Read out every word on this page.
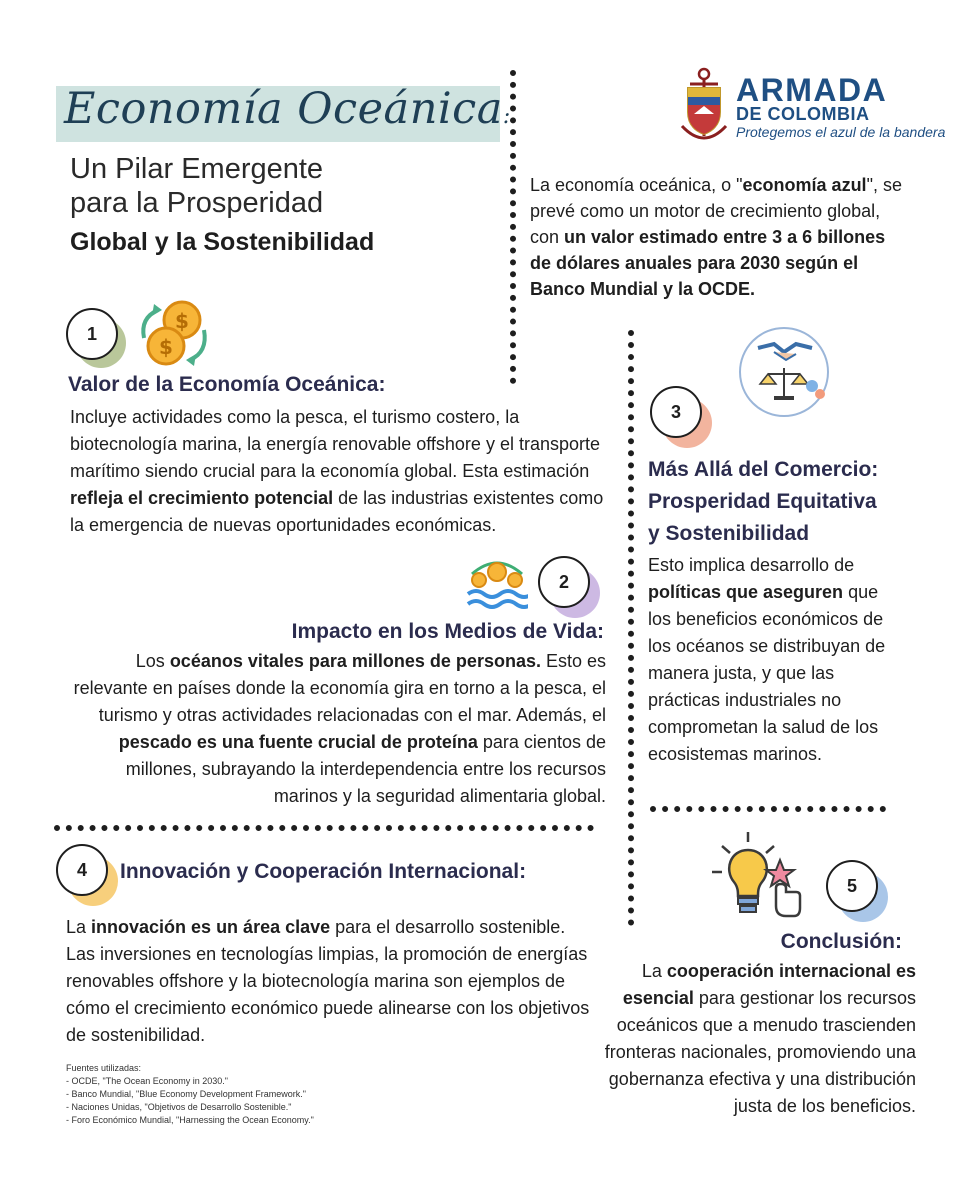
Economía Oceánica:
Un Pilar Emergente
para la Prosperidad
Global y la Sostenibilidad
ARMADA
DE COLOMBIA
Protegemos el azul de la bandera
La economía oceánica, o "economía azul", se prevé como un motor de crecimiento global, con un valor estimado entre 3 a 6 billones de dólares anuales para 2030 según el Banco Mundial y la OCDE.
1
$
$
Valor de la Economía Oceánica:
Incluye actividades como la pesca, el turismo costero, la biotecnología marina, la energía renovable offshore y el transporte marítimo siendo crucial para la economía global. Esta estimación refleja el crecimiento potencial de las industrias existentes como la emergencia de nuevas oportunidades económicas.
2
Impacto en los Medios de Vida:
Los océanos vitales para millones de personas. Esto es relevante en países donde la economía gira en torno a la pesca, el turismo y otras actividades relacionadas con el mar. Además, el pescado es una fuente crucial de proteína para cientos de millones, subrayando la interdependencia entre los recursos marinos y la seguridad alimentaria global.
3
Más Allá del Comercio:
Prosperidad Equitativa
y Sostenibilidad
Esto implica desarrollo de políticas que aseguren que los beneficios económicos de los océanos se distribuyan de manera justa, y que las prácticas industriales no comprometan la salud de los ecosistemas marinos.
4	Innovación y Cooperación Internacional:
La innovación es un área clave para el desarrollo sostenible. Las inversiones en tecnologías limpias, la promoción de energías renovables offshore y la biotecnología marina son ejemplos de cómo el crecimiento económico puede alinearse con los objetivos de sostenibilidad.
5
Conclusión:
La cooperación internacional es esencial para gestionar los recursos oceánicos que a menudo trascienden fronteras nacionales, promoviendo una gobernanza efectiva y una distribución justa de los beneficios.
Fuentes utilizadas:
- OCDE, "The Ocean Economy in 2030."
- Banco Mundial, "Blue Economy Development Framework."
- Naciones Unidas, "Objetivos de Desarrollo Sostenible."
- Foro Económico Mundial, "Harnessing the Ocean Economy."
